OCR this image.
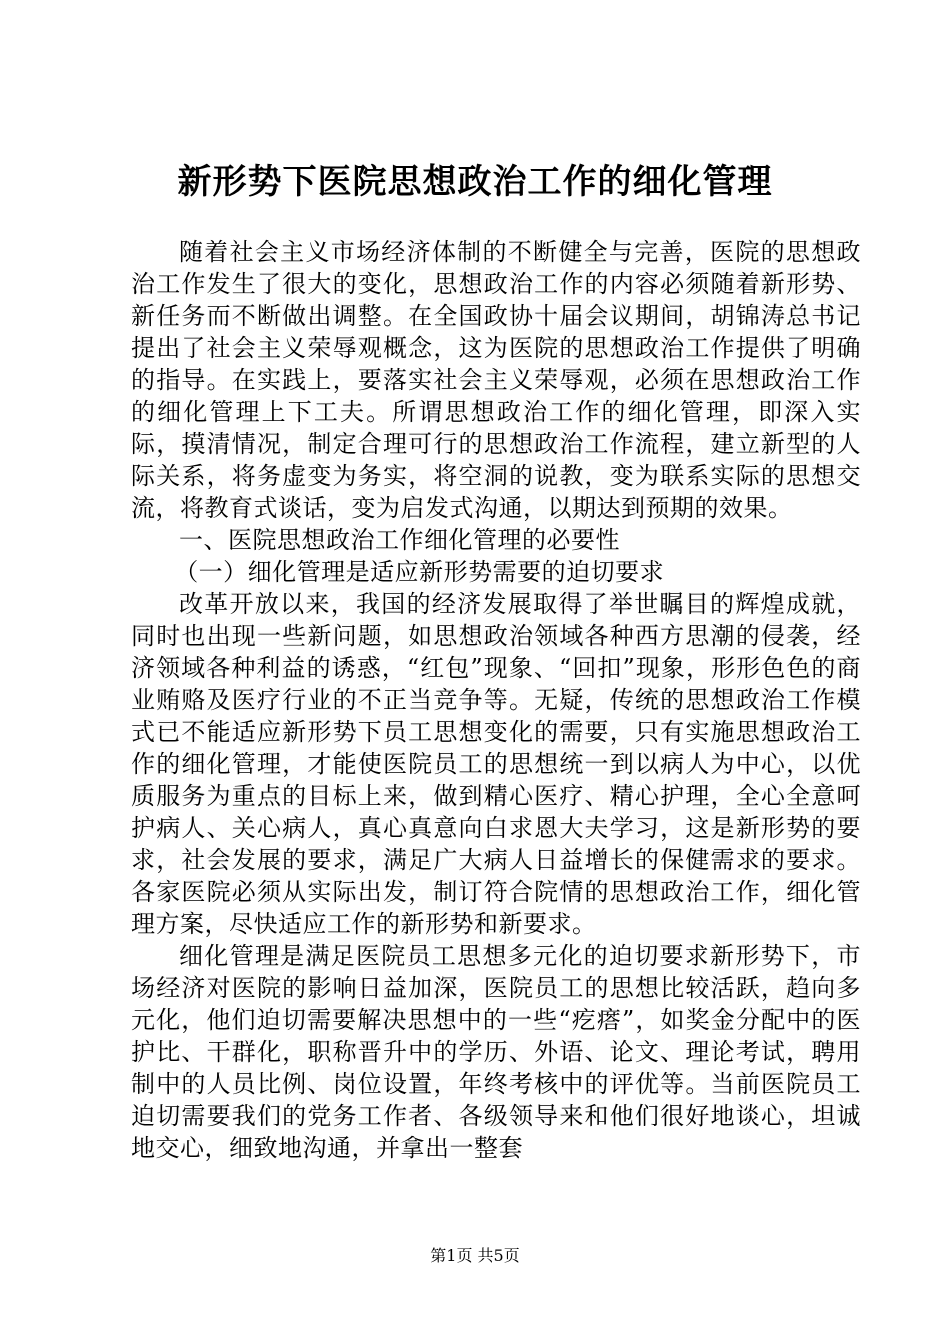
新形势下医院思想政治工作的细化管理

随着社会主义市场经济体制的不断健全与完善，医院的思想政治工作发生了很大的变化，思想政治工作的内容必须随着新形势、新任务而不断做出调整。在全国政协十届会议期间，胡锦涛总书记提出了社会主义荣辱观概念，这为医院的思想政治工作提供了明确的指导。在实践上，要落实社会主义荣辱观，必须在思想政治工作的细化管理上下工夫。所谓思想政治工作的细化管理，即深入实际，摸清情况，制定合理可行的思想政治工作流程，建立新型的人际关系，将务虚变为务实，将空洞的说教，变为联系实际的思想交流，将教育式谈话，变为启发式沟通，以期达到预期的效果。

一、医院思想政治工作细化管理的必要性

（一）细化管理是适应新形势需要的迫切要求

改革开放以来，我国的经济发展取得了举世瞩目的辉煌成就，同时也出现一些新问题，如思想政治领域各种西方思潮的侵袭，经济领域各种利益的诱惑，“红包”现象、“回扣”现象，形形色色的商业贿赂及医疗行业的不正当竞争等。无疑，传统的思想政治工作模式已不能适应新形势下员工思想变化的需要，只有实施思想政治工作的细化管理，才能使医院员工的思想统一到以病人为中心，以优质服务为重点的目标上来，做到精心医疗、精心护理，全心全意呵护病人、关心病人，真心真意向白求恩大夫学习，这是新形势的要求，社会发展的要求，满足广大病人日益增长的保健需求的要求。各家医院必须从实际出发，制订符合院情的思想政治工作，细化管理方案，尽快适应工作的新形势和新要求。

细化管理是满足医院员工思想多元化的迫切要求新形势下，市场经济对医院的影响日益加深，医院员工的思想比较活跃，趋向多元化，他们迫切需要解决思想中的一些“疙瘩”，如奖金分配中的医护比、干群化，职称晋升中的学历、外语、论文、理论考试，聘用制中的人员比例、岗位设置，年终考核中的评优等。当前医院员工迫切需要我们的党务工作者、各级领导来和他们很好地谈心，坦诚地交心，细致地沟通，并拿出一整套

第1页 共5页
